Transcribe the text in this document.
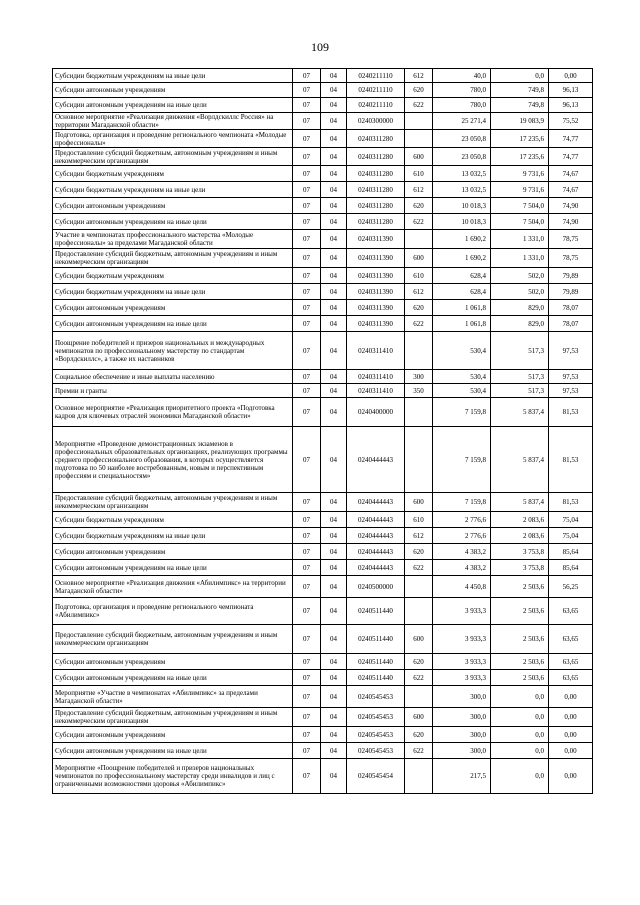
109
Субсидии бюджетным учреждениям на иные цели	07	04	0240211110	612	40,0	0,0	0,00
Субсидии автономным учреждениям	07	04	0240211110	620	780,0	749,8	96,13
Субсидии автономным учреждениям на иные цели	07	04	0240211110	622	780,0	749,8	96,13
Основное мероприятие «Реализация движения «Ворлдскиллс Россия» на территории Магаданской области»	07	04	0240300000		25 271,4	19 083,9	75,52
Подготовка, организация и проведение регионального чемпионата «Молодые профессионалы»	07	04	0240311280		23 050,8	17 235,6	74,77
Предоставление субсидий бюджетным, автономным учреждениям и иным некоммерческим организациям	07	04	0240311280	600	23 050,8	17 235,6	74,77
Субсидии бюджетным учреждениям	07	04	0240311280	610	13 032,5	9 731,6	74,67
Субсидии бюджетным учреждениям на иные цели	07	04	0240311280	612	13 032,5	9 731,6	74,67
Субсидии автономным учреждениям	07	04	0240311280	620	10 018,3	7 504,0	74,90
Субсидии автономным учреждениям на иные цели	07	04	0240311280	622	10 018,3	7 504,0	74,90
Участие в чемпионатах профессионального мастерства «Молодые профессионалы» за пределами Магаданской области	07	04	0240311390		1 690,2	1 331,0	78,75
Предоставление субсидий бюджетным, автономным учреждениям и иным некоммерческим организациям	07	04	0240311390	600	1 690,2	1 331,0	78,75
Субсидии бюджетным учреждениям	07	04	0240311390	610	628,4	502,0	79,89
Субсидии бюджетным учреждениям на иные цели	07	04	0240311390	612	628,4	502,0	79,89
Субсидии автономным учреждениям	07	04	0240311390	620	1 061,8	829,0	78,07
Субсидии автономным учреждениям на иные цели	07	04	0240311390	622	1 061,8	829,0	78,07
Поощрение победителей и призеров национальных и международных чемпионатов по профессиональному мастерству по стандартам «Ворлдскиллс», а также их наставников	07	04	0240311410		530,4	517,3	97,53
Социальное обеспечение и иные выплаты населению	07	04	0240311410	300	530,4	517,3	97,53
Премии и гранты	07	04	0240311410	350	530,4	517,3	97,53
Основное мероприятие «Реализация приоритетного проекта «Подготовка кадров для ключевых отраслей экономики Магаданской области»	07	04	0240400000		7 159,8	5 837,4	81,53
Мероприятие «Проведение демонстрационных экзаменов в профессиональных образовательных организациях, реализующих программы среднего профессионального образования, в которых осуществляется подготовка по 50 наиболее востребованным, новым и перспективным профессиям и специальностям»	07	04	0240444443		7 159,8	5 837,4	81,53
Предоставление субсидий бюджетным, автономным учреждениям и иным некоммерческим организациям	07	04	0240444443	600	7 159,8	5 837,4	81,53
Субсидии бюджетным учреждениям	07	04	0240444443	610	2 776,6	2 083,6	75,04
Субсидии бюджетным учреждениям на иные цели	07	04	0240444443	612	2 776,6	2 083,6	75,04
Субсидии автономным учреждениям	07	04	0240444443	620	4 383,2	3 753,8	85,64
Субсидии автономным учреждениям на иные цели	07	04	0240444443	622	4 383,2	3 753,8	85,64
Основное мероприятие «Реализация движения «Абилимпикс» на территории Магаданской области»	07	04	0240500000		4 450,8	2 503,6	56,25
Подготовка, организация и проведение регионального чемпионата «Абилимпикс»	07	04	0240511440		3 933,3	2 503,6	63,65
Предоставление субсидий бюджетным, автономным учреждениям и иным некоммерческим организациям	07	04	0240511440	600	3 933,3	2 503,6	63,65
Субсидии автономным учреждениям	07	04	0240511440	620	3 933,3	2 503,6	63,65
Субсидии автономным учреждениям на иные цели	07	04	0240511440	622	3 933,3	2 503,6	63,65
Мероприятие «Участие в чемпионатах «Абилимпикс» за пределами Магаданской области»	07	04	0240545453		300,0	0,0	0,00
Предоставление субсидий бюджетным, автономным учреждениям и иным некоммерческим организациям	07	04	0240545453	600	300,0	0,0	0,00
Субсидии автономным учреждениям	07	04	0240545453	620	300,0	0,0	0,00
Субсидии автономным учреждениям на иные цели	07	04	0240545453	622	300,0	0,0	0,00
Мероприятие «Поощрение победителей и призеров национальных чемпионатов по профессиональному мастерству среди инвалидов и лиц с ограниченными возможностями здоровья «Абилимпикс»	07	04	0240545454		217,5	0,0	0,00
